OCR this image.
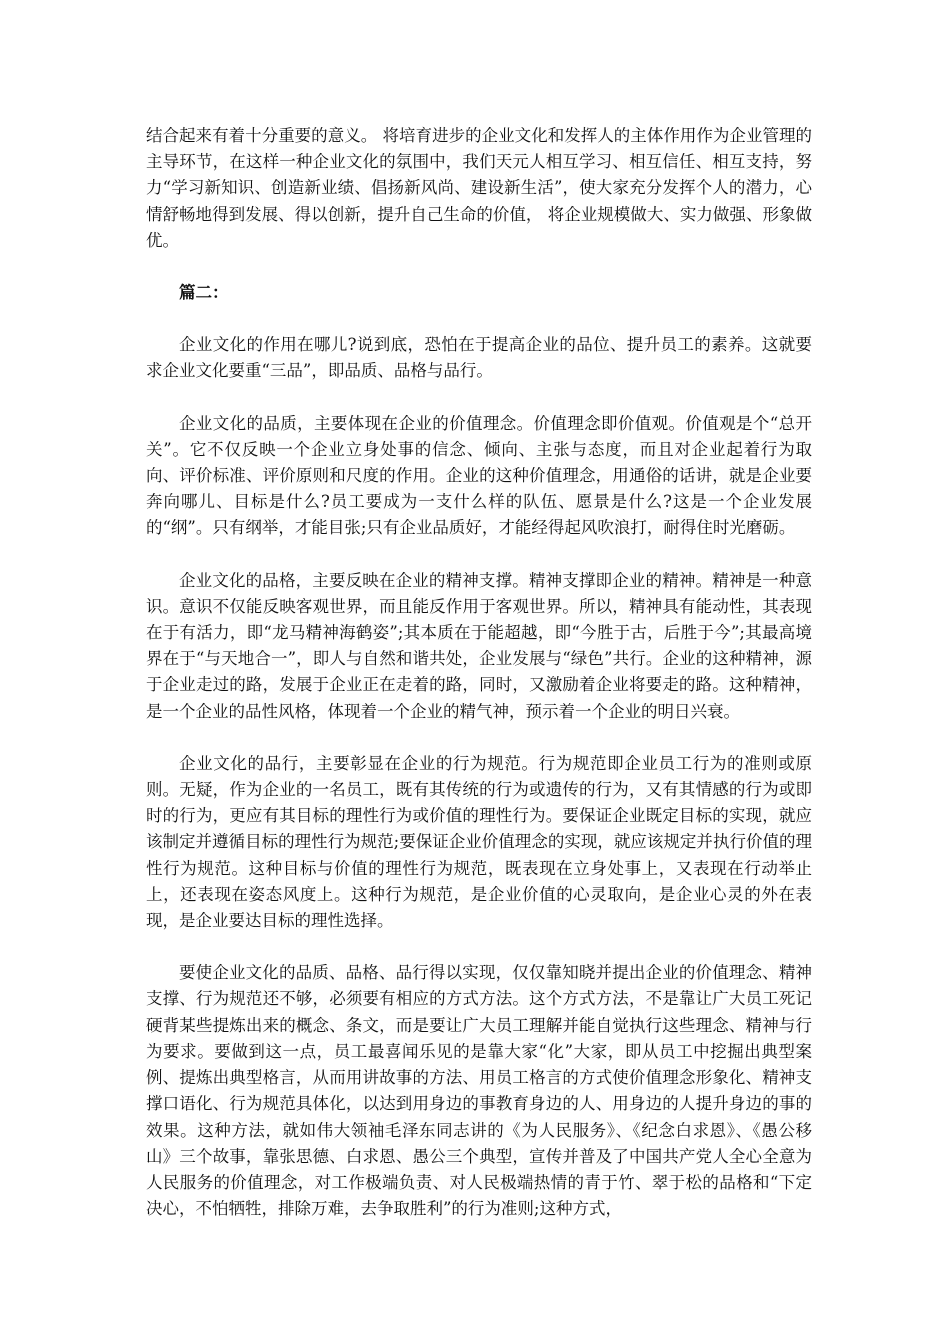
结合起来有着十分重要的意义。 将培育进步的企业文化和发挥人的主体作用作为企业管理的主导环节，在这样一种企业文化的氛围中，我们天元人相互学习、相互信任、相互支持，努力“学习新知识、创造新业绩、倡扬新风尚、建设新生活”，使大家充分发挥个人的潜力，心情舒畅地得到发展、得以创新，提升自己生命的价值， 将企业规模做大、实力做强、形象做优。

篇二：

企业文化的作用在哪儿?说到底，恐怕在于提高企业的品位、提升员工的素养。这就要求企业文化要重“三品”，即品质、品格与品行。

企业文化的品质，主要体现在企业的价值理念。价值理念即价值观。价值观是个“总开关”。它不仅反映一个企业立身处事的信念、倾向、主张与态度，而且对企业起着行为取向、评价标准、评价原则和尺度的作用。企业的这种价值理念，用通俗的话讲，就是企业要奔向哪儿、目标是什么?员工要成为一支什么样的队伍、愿景是什么?这是一个企业发展的“纲”。只有纲举，才能目张;只有企业品质好，才能经得起风吹浪打，耐得住时光磨砺。

企业文化的品格，主要反映在企业的精神支撑。精神支撑即企业的精神。精神是一种意识。意识不仅能反映客观世界，而且能反作用于客观世界。所以，精神具有能动性，其表现在于有活力，即“龙马精神海鹤姿”;其本质在于能超越，即“今胜于古，后胜于今”;其最高境界在于“与天地合一”，即人与自然和谐共处，企业发展与“绿色”共行。企业的这种精神，源于企业走过的路，发展于企业正在走着的路，同时，又激励着企业将要走的路。这种精神，是一个企业的品性风格，体现着一个企业的精气神，预示着一个企业的明日兴衰。

企业文化的品行，主要彰显在企业的行为规范。行为规范即企业员工行为的准则或原则。无疑，作为企业的一名员工，既有其传统的行为或遗传的行为，又有其情感的行为或即时的行为，更应有其目标的理性行为或价值的理性行为。要保证企业既定目标的实现，就应该制定并遵循目标的理性行为规范;要保证企业价值理念的实现，就应该规定并执行价值的理性行为规范。这种目标与价值的理性行为规范，既表现在立身处事上，又表现在行动举止上，还表现在姿态风度上。这种行为规范，是企业价值的心灵取向，是企业心灵的外在表现，是企业要达目标的理性选择。

要使企业文化的品质、品格、品行得以实现，仅仅靠知晓并提出企业的价值理念、精神支撑、行为规范还不够，必须要有相应的方式方法。这个方式方法，不是靠让广大员工死记硬背某些提炼出来的概念、条文，而是要让广大员工理解并能自觉执行这些理念、精神与行为要求。要做到这一点，员工最喜闻乐见的是靠大家“化”大家，即从员工中挖掘出典型案例、提炼出典型格言，从而用讲故事的方法、用员工格言的方式使价值理念形象化、精神支撑口语化、行为规范具体化，以达到用身边的事教育身边的人、用身边的人提升身边的事的效果。这种方法，就如伟大领袖毛泽东同志讲的《为人民服务》、《纪念白求恩》、《愚公移山》三个故事，靠张思德、白求恩、愚公三个典型，宣传并普及了中国共产党人全心全意为人民服务的价值理念，对工作极端负责、对人民极端热情的青于竹、翠于松的品格和“下定决心，不怕牺牲，排除万难，去争取胜利”的行为准则;这种方式，
